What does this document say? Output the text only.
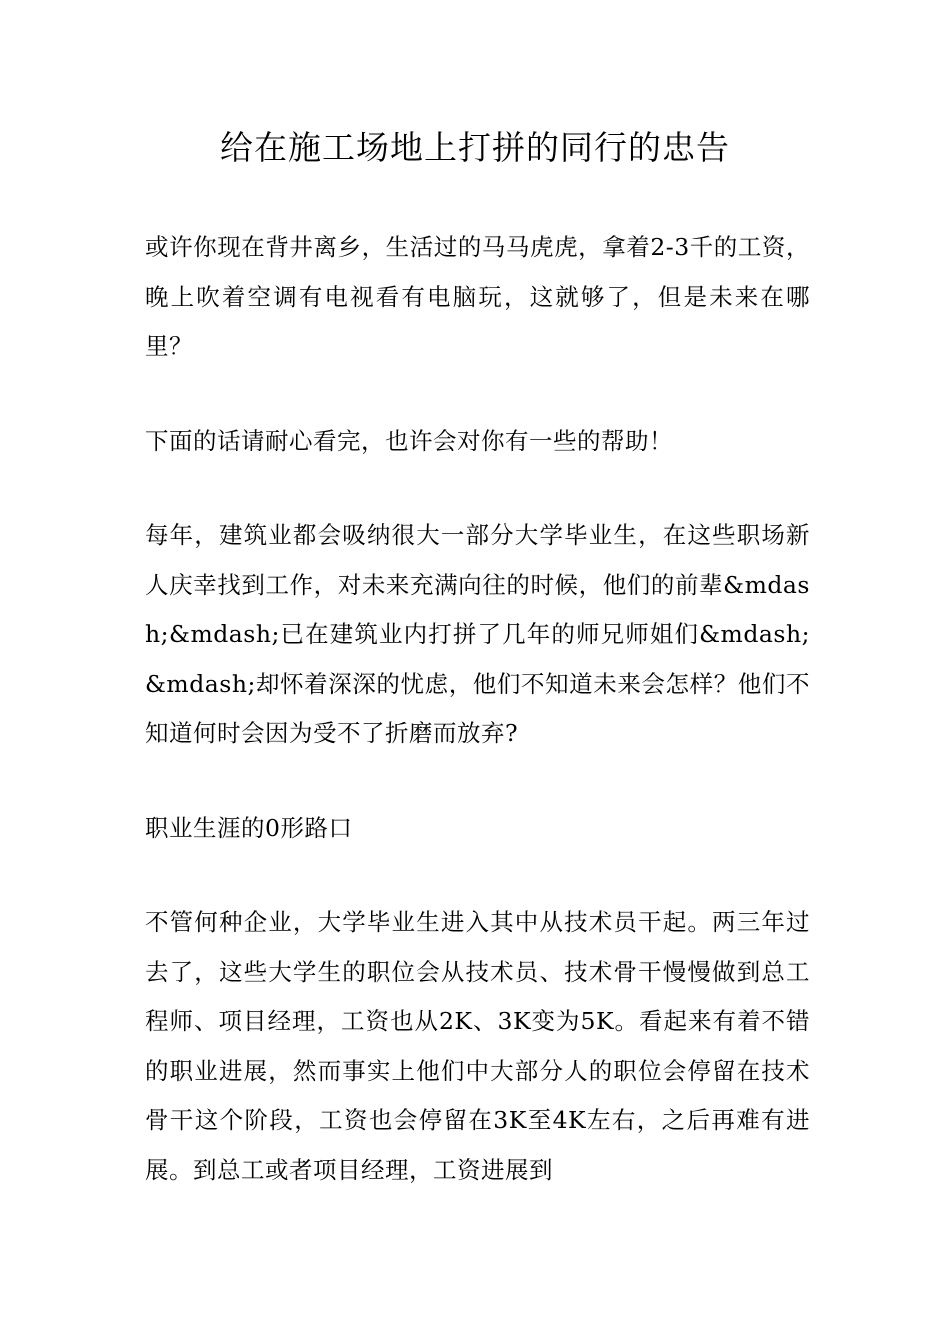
给在施工场地上打拼的同行的忠告

或许你现在背井离乡，生活过的马马虎虎，拿着2-3千的工资，晚上吹着空调有电视看有电脑玩，这就够了，但是未来在哪里？

下面的话请耐心看完，也许会对你有一些的帮助！

每年，建筑业都会吸纳很大一部分大学毕业生，在这些职场新人庆幸找到工作，对未来充满向往的时候，他们的前辈&mdash;&mdash;已在建筑业内打拼了几年的师兄师姐们&mdash;&mdash;却怀着深深的忧虑，他们不知道未来会怎样？他们不知道何时会因为受不了折磨而放弃?

职业生涯的0形路口

不管何种企业，大学毕业生进入其中从技术员干起。两三年过去了，这些大学生的职位会从技术员、技术骨干慢慢做到总工程师、项目经理，工资也从2K、3K变为5K。看起来有着不错的职业进展，然而事实上他们中大部分人的职位会停留在技术骨干这个阶段，工资也会停留在3K至4K左右，之后再难有进展。到总工或者项目经理，工资进展到
